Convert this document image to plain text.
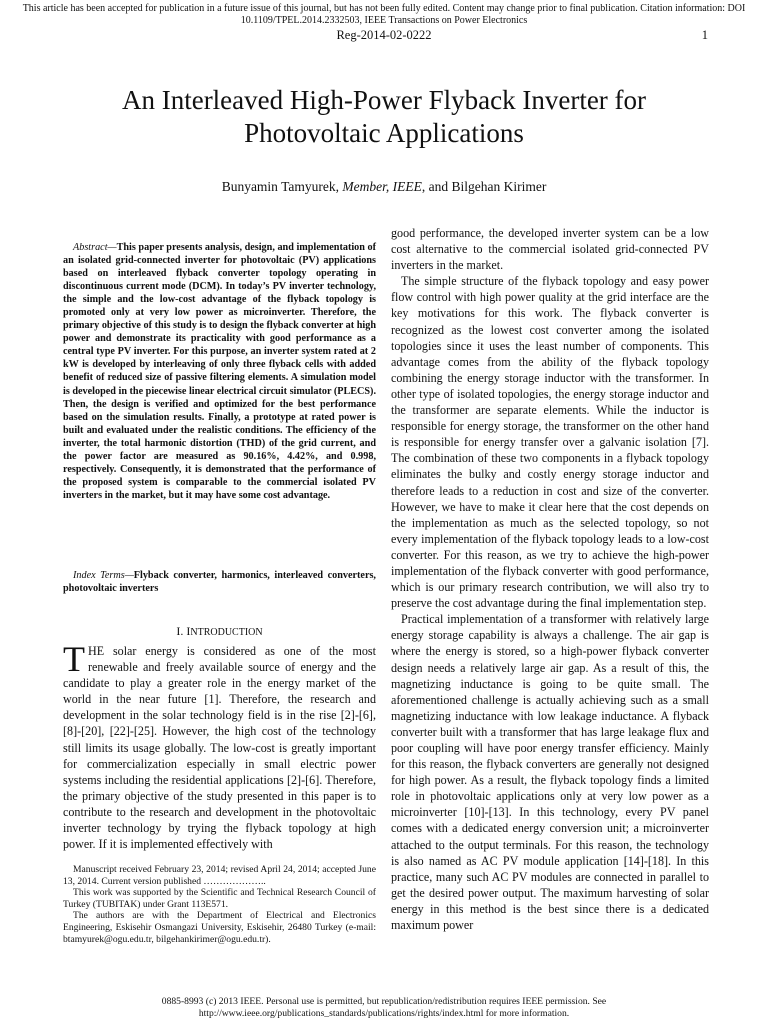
This article has been accepted for publication in a future issue of this journal, but has not been fully edited. Content may change prior to final publication. Citation information: DOI
10.1109/TPEL.2014.2332503, IEEE Transactions on Power Electronics
Reg-2014-02-0222	1
An Interleaved High-Power Flyback Inverter for
Photovoltaic Applications
Bunyamin Tamyurek, Member, IEEE, and Bilgehan Kirimer
Abstract—This paper presents analysis, design, and implementation of an isolated grid-connected inverter for photovoltaic (PV) applications based on interleaved flyback converter topology operating in discontinuous current mode (DCM). In today’s PV inverter technology, the simple and the low-cost advantage of the flyback topology is promoted only at very low power as microinverter. Therefore, the primary objective of this study is to design the flyback converter at high power and demonstrate its practicality with good performance as a central type PV inverter. For this purpose, an inverter system rated at 2 kW is developed by interleaving of only three flyback cells with added benefit of reduced size of passive filtering elements. A simulation model is developed in the piecewise linear electrical circuit simulator (PLECS). Then, the design is verified and optimized for the best performance based on the simulation results. Finally, a prototype at rated power is built and evaluated under the realistic conditions. The efficiency of the inverter, the total harmonic distortion (THD) of the grid current, and the power factor are measured as 90.16%, 4.42%, and 0.998, respectively. Consequently, it is demonstrated that the performance of the proposed system is comparable to the commercial isolated PV inverters in the market, but it may have some cost advantage.
Index Terms—Flyback converter, harmonics, interleaved converters, photovoltaic inverters
I. INTRODUCTION

THE solar energy is considered as one of the most renewable and freely available source of energy and the candidate to play a greater role in the energy market of the world in the near future [1]. Therefore, the research and development in the solar technology field is in the rise [2]-[6], [8]-[20], [22]-[25]. However, the high cost of the technology still limits its usage globally. The low-cost is greatly important for commercialization especially in small electric power systems including the residential applications [2]-[6]. Therefore, the primary objective of the study presented in this paper is to contribute to the research and development in the photovoltaic inverter technology by trying the flyback topology at high power. If it is implemented effectively with

Manuscript received February 23, 2014; revised April 24, 2014; accepted June 13, 2014. Current version published ………………..

This work was supported by the Scientific and Technical Research Council of Turkey (TUBITAK) under Grant 113E571.

The authors are with the Department of Electrical and Electronics Engineering, Eskisehir Osmangazi University, Eskisehir, 26480 Turkey (e-mail: btamyurek@ogu.edu.tr, bilgehankirimer@ogu.edu.tr).

good performance, the developed inverter system can be a low cost alternative to the commercial isolated grid-connected PV inverters in the market.

The simple structure of the flyback topology and easy power flow control with high power quality at the grid interface are the key motivations for this work. The flyback converter is recognized as the lowest cost converter among the isolated topologies since it uses the least number of components. This advantage comes from the ability of the flyback topology combining the energy storage inductor with the transformer. In other type of isolated topologies, the energy storage inductor and the transformer are separate elements. While the inductor is responsible for energy storage, the transformer on the other hand is responsible for energy transfer over a galvanic isolation [7]. The combination of these two components in a flyback topology eliminates the bulky and costly energy storage inductor and therefore leads to a reduction in cost and size of the converter. However, we have to make it clear here that the cost depends on the implementation as much as the selected topology, so not every implementation of the flyback topology leads to a low-cost converter. For this reason, as we try to achieve the high-power implementation of the flyback converter with good performance, which is our primary research contribution, we will also try to preserve the cost advantage during the final implementation step.

Practical implementation of a transformer with relatively large energy storage capability is always a challenge. The air gap is where the energy is stored, so a high-power flyback converter design needs a relatively large air gap. As a result of this, the magnetizing inductance is going to be quite small. The aforementioned challenge is actually achieving such as a small magnetizing inductance with low leakage inductance. A flyback converter built with a transformer that has large leakage flux and poor coupling will have poor energy transfer efficiency. Mainly for this reason, the flyback converters are generally not designed for high power. As a result, the flyback topology finds a limited role in photovoltaic applications only at very low power as a microinverter [10]-[13]. In this technology, every PV panel comes with a dedicated energy conversion unit; a microinverter attached to the output terminals. For this reason, the technology is also named as AC PV module application [14]-[18]. In this practice, many such AC PV modules are connected in parallel to get the desired power output. The maximum harvesting of solar energy in this method is the best since there is a dedicated maximum power

0885-8993 (c) 2013 IEEE. Personal use is permitted, but republication/redistribution requires IEEE permission. See
http://www.ieee.org/publications_standards/publications/rights/index.html for more information.
